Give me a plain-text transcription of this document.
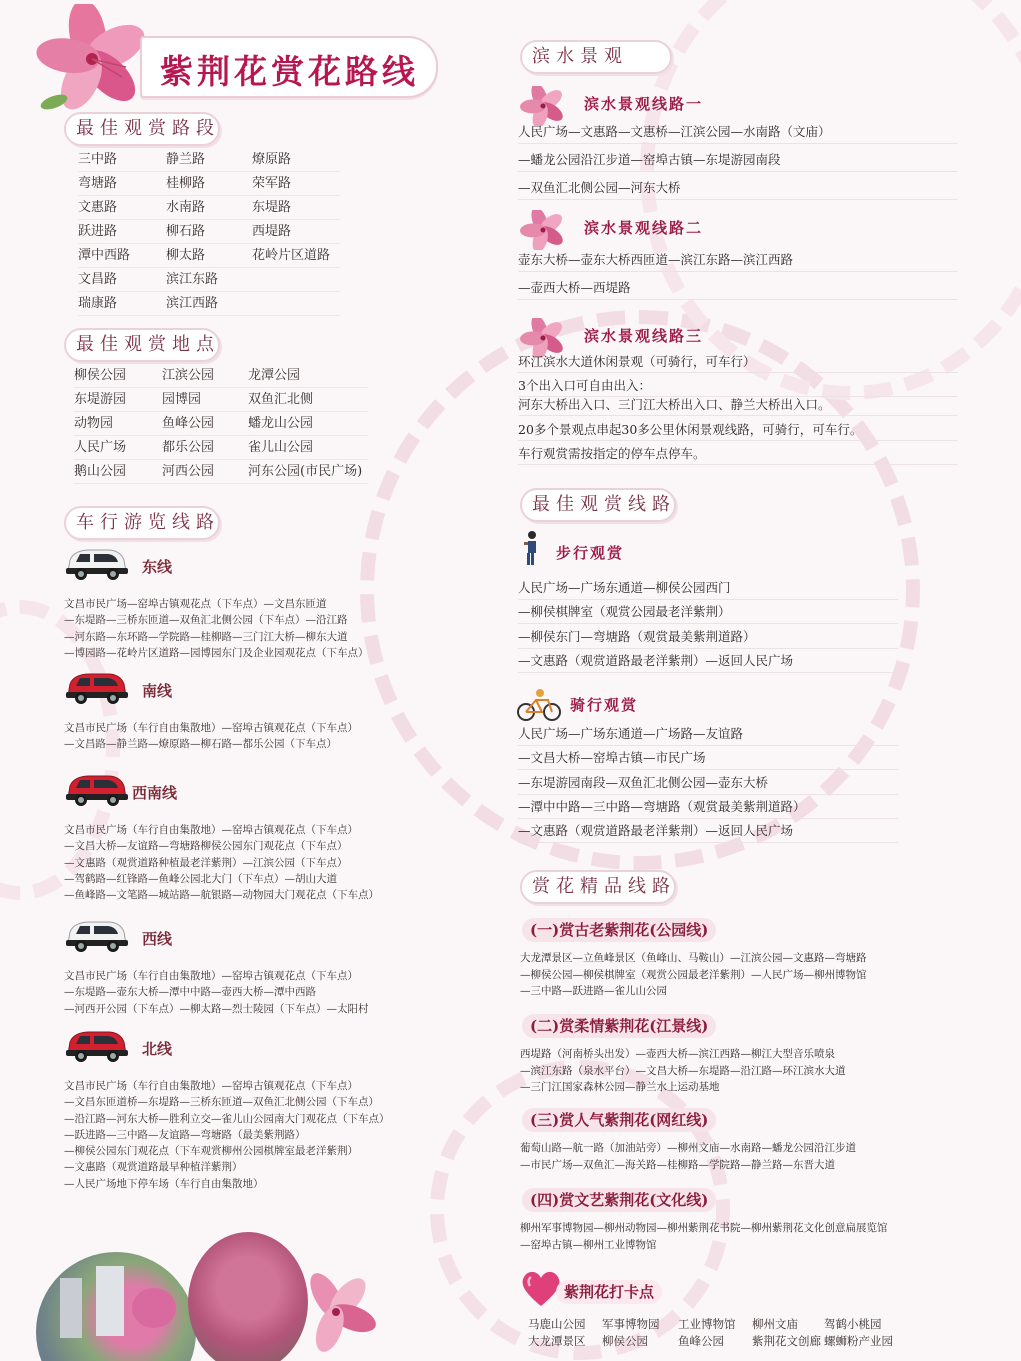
紫荆花赏花路线
最佳观赏路段
三中路	静兰路	燎原路
弯塘路	桂柳路	荣军路
文惠路	水南路	东堤路
跃进路	柳石路	西堤路
潭中西路	柳太路	花岭片区道路
文昌路	滨江东路
瑞康路	滨江西路
最佳观赏地点
柳侯公园	江滨公园	龙潭公园
东堤游园	园博园	双鱼汇北侧
动物园	鱼峰公园	蟠龙山公园
人民广场	都乐公园	雀儿山公园
鹅山公园	河西公园	河东公园(市民广场)
车行游览线路
东线
文昌市民广场—窑埠古镇观花点（下车点）—文昌东匝道
—东堤路—三桥东匝道—双鱼汇北侧公园（下车点）—沿江路
—河东路—东环路—学院路—桂柳路—三门江大桥—柳东大道
—博园路—花岭片区道路—园博园东门及企业园观花点（下车点）
南线
文昌市民广场（车行自由集散地）—窑埠古镇观花点（下车点）
—文昌路—静兰路—燎原路—柳石路—都乐公园（下车点）
西南线
文昌市民广场（车行自由集散地）—窑埠古镇观花点（下车点）
—文昌大桥—友谊路—弯塘路柳侯公园东门观花点（下车点）
—文惠路（观赏道路种植最老洋紫荆）—江滨公园（下车点）
—驾鹤路—红锋路—鱼峰公园北大门（下车点）—胡山大道
—鱼峰路—文笔路—城站路—航银路—动物园大门观花点（下车点）
西线
文昌市民广场（车行自由集散地）—窑埠古镇观花点（下车点）
—东堤路—壶东大桥—潭中中路—壶西大桥—潭中西路
—河西开公园（下车点）—柳太路—烈士陵园（下车点）—太阳村
北线
文昌市民广场（车行自由集散地）—窑埠古镇观花点（下车点）
—文昌东匝道桥—东堤路—三桥东匝道—双鱼汇北侧公园（下车点）
—沿江路—河东大桥—胜利立交—雀儿山公园南大门观花点（下车点）
—跃进路—三中路—友谊路—弯塘路（最美紫荆路）
—柳侯公园东门观花点（下车观赏柳州公园棋牌室最老洋紫荆）
—文惠路（观赏道路最早种植洋紫荆）
—人民广场地下停车场（车行自由集散地）
滨水景观
滨水景观线路一
人民广场—文惠路—文惠桥—江滨公园—水南路（文庙）
—蟠龙公园沿江步道—窑埠古镇—东堤游园南段
—双鱼汇北侧公园—河东大桥
滨水景观线路二
壶东大桥—壶东大桥西匝道—滨江东路—滨江西路
—壶西大桥—西堤路
滨水景观线路三
环江滨水大道休闲景观（可骑行，可车行）
3个出入口可自由出入：
河东大桥出入口、三门江大桥出入口、静兰大桥出入口。
20多个景观点串起30多公里休闲景观线路，可骑行，可车行。
车行观赏需按指定的停车点停车。
最佳观赏线路
步行观赏
人民广场—广场东通道—柳侯公园西门
—柳侯棋牌室（观赏公园最老洋紫荆）
—柳侯东门—弯塘路（观赏最美紫荆道路）
—文惠路（观赏道路最老洋紫荆）—返回人民广场
骑行观赏
人民广场—广场东通道—广场路—友谊路
—文昌大桥—窑埠古镇—市民广场
—东堤游园南段—双鱼汇北侧公园—壶东大桥
—潭中中路—三中路—弯塘路（观赏最美紫荆道路）
—文惠路（观赏道路最老洋紫荆）—返回人民广场
赏花精品线路
(一)赏古老紫荆花(公园线)
大龙潭景区—立鱼峰景区（鱼峰山、马鞍山）—江滨公园—文惠路—弯塘路
—柳侯公园—柳侯棋牌室（观赏公园最老洋紫荆）—人民广场—柳州博物馆
—三中路—跃进路—雀儿山公园
(二)赏柔情紫荆花(江景线)
西堤路（河南桥头出发）—壶西大桥—滨江西路—柳江大型音乐喷泉
—滨江东路（泉水平台）—文昌大桥—东堤路—沿江路—环江滨水大道
—三门江国家森林公园—静兰水上运动基地
(三)赏人气紫荆花(网红线)
葡萄山路—航一路（加油站旁）—柳州文庙—水南路—蟠龙公园沿江步道
—市民广场—双鱼汇—海关路—桂柳路—学院路—静兰路—东晋大道
(四)赏文艺紫荆花(文化线)
柳州军事博物园—柳州动物园—柳州紫荆花书院—柳州紫荆花文化创意扁展览馆
—窑埠古镇—柳州工业博物馆
紫荆花打卡点
马鹿山公园	军事博物园	工业博物馆	柳州文庙	驾鹤小桃园
大龙潭景区	柳侯公园	鱼峰公园	紫荆花文创廊 螺蛳粉产业园
